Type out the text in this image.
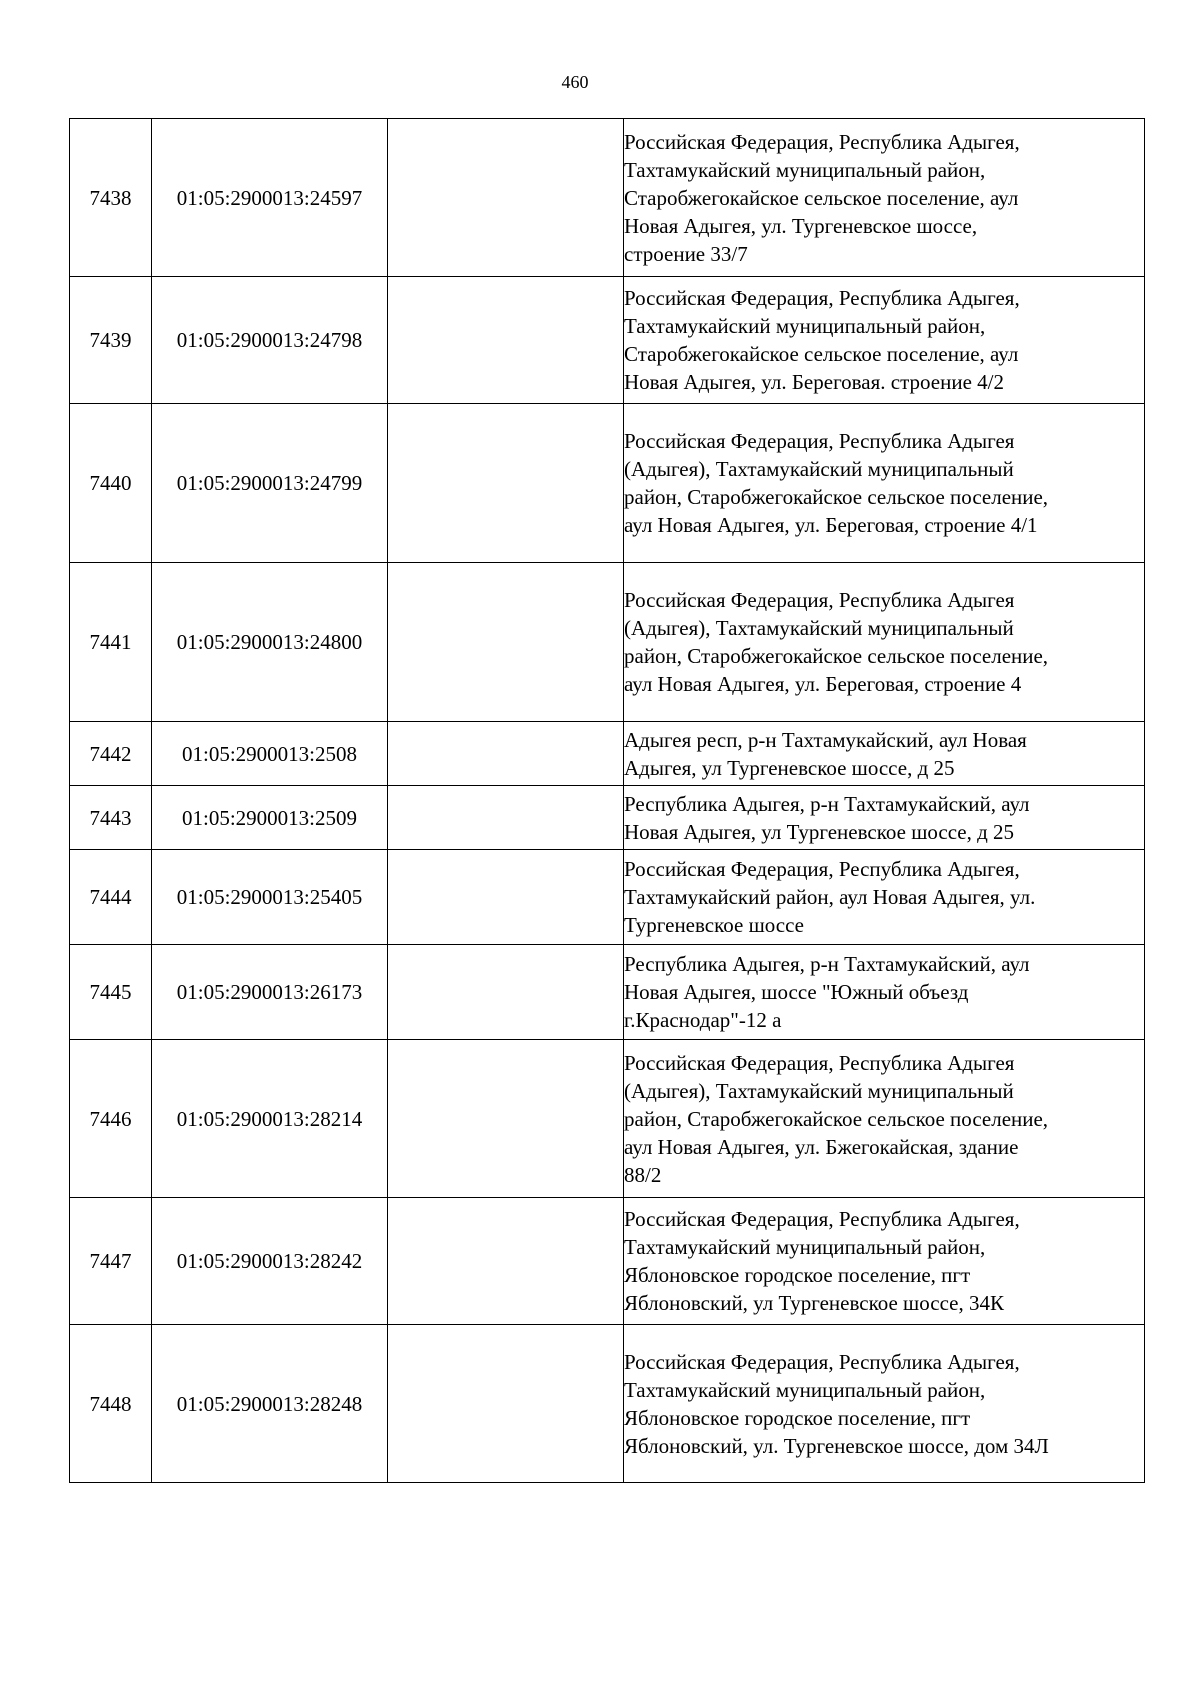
460
7438	01:05:2900013:24597		Российская Федерация, Республика Адыгея,
Тахтамукайский муниципальный район,
Старобжегокайское сельское поселение, аул
Новая Адыгея, ул. Тургеневское шоссе,
строение 33/7

7439	01:05:2900013:24798		Российская Федерация, Республика Адыгея,
Тахтамукайский муниципальный район,
Старобжегокайское сельское поселение, аул
Новая Адыгея, ул. Береговая. строение 4/2

7440	01:05:2900013:24799		Российская Федерация, Республика Адыгея
(Адыгея), Тахтамукайский муниципальный
район, Старобжегокайское сельское поселение,
аул Новая Адыгея, ул. Береговая, строение 4/1

7441	01:05:2900013:24800		Российская Федерация, Республика Адыгея
(Адыгея), Тахтамукайский муниципальный
район, Старобжегокайское сельское поселение,
аул Новая Адыгея, ул. Береговая, строение 4

7442	01:05:2900013:2508		Адыгея респ, р-н Тахтамукайский, аул Новая
Адыгея, ул Тургеневское шоссе, д 25

7443	01:05:2900013:2509		Республика Адыгея, р-н Тахтамукайский, аул
Новая Адыгея, ул Тургеневское шоссе, д 25

7444	01:05:2900013:25405		Российская Федерация, Республика Адыгея,
Тахтамукайский район, аул Новая Адыгея, ул.
Тургеневское шоссе

7445	01:05:2900013:26173		Республика Адыгея, р-н Тахтамукайский, аул
Новая Адыгея, шоссе "Южный объезд
г.Краснодар"-12 а

7446	01:05:2900013:28214		Российская Федерация, Республика Адыгея
(Адыгея), Тахтамукайский муниципальный
район, Старобжегокайское сельское поселение,
аул Новая Адыгея, ул. Бжегокайская, здание
88/2

7447	01:05:2900013:28242		Российская Федерация, Республика Адыгея,
Тахтамукайский муниципальный район,
Яблоновское городское поселение, пгт
Яблоновский, ул Тургеневское шоссе, 34К

7448	01:05:2900013:28248		Российская Федерация, Республика Адыгея,
Тахтамукайский муниципальный район,
Яблоновское городское поселение, пгт
Яблоновский, ул. Тургеневское шоссе, дом 34Л
